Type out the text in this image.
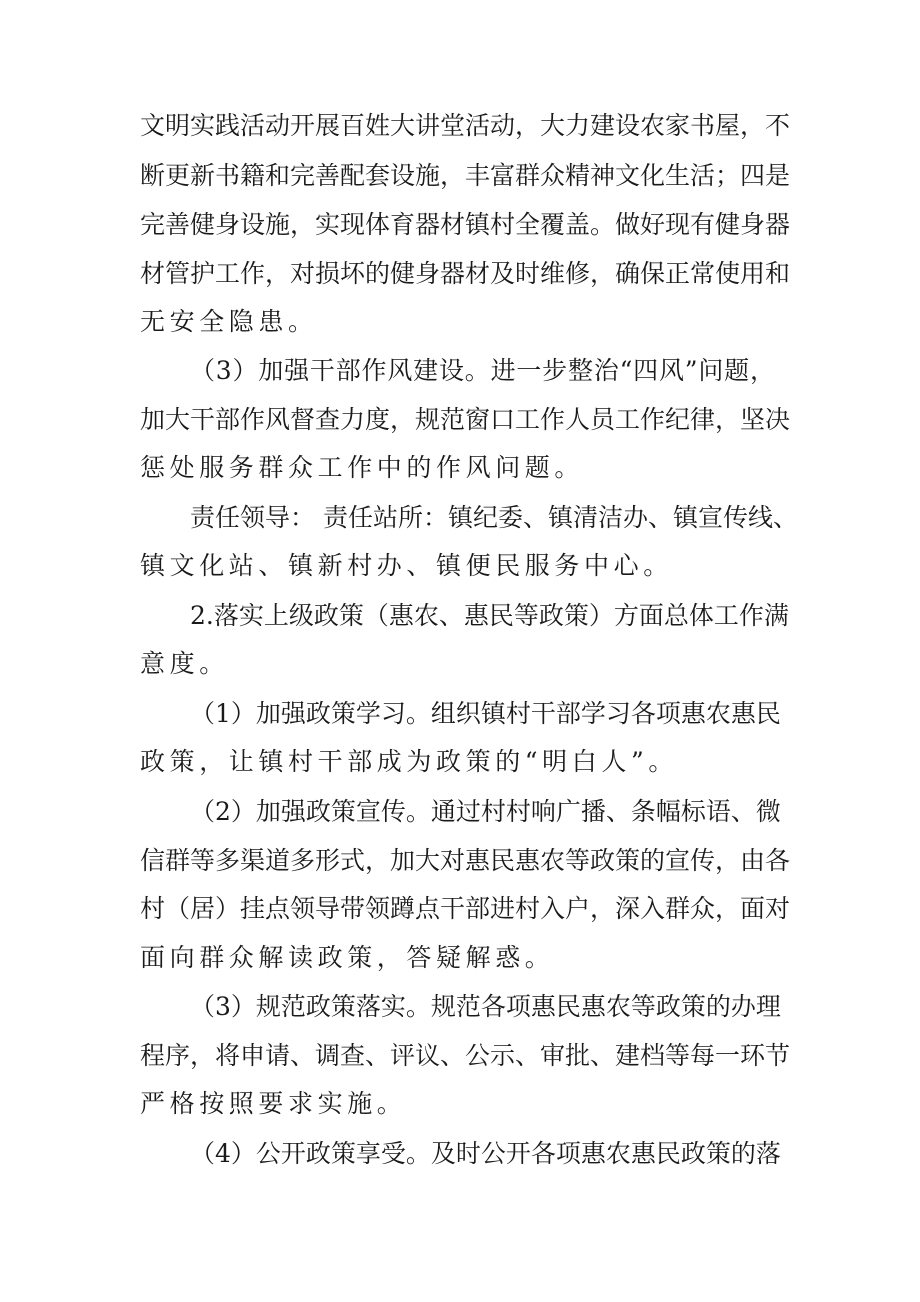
文明实践活动开展百姓大讲堂活动，大力建设农家书屋，不
断更新书籍和完善配套设施，丰富群众精神文化生活；四是
完善健身设施，实现体育器材镇村全覆盖。做好现有健身器
材管护工作，对损坏的健身器材及时维修，确保正常使用和
无安全隐患。
（3）加强干部作风建设。进一步整治“四风”问题，
加大干部作风督查力度，规范窗口工作人员工作纪律，坚决
惩处服务群众工作中的作风问题。
责任领导： 责任站所：镇纪委、镇清洁办、镇宣传线、
镇文化站、镇新村办、镇便民服务中心。
2.落实上级政策（惠农、惠民等政策）方面总体工作满
意度。
（1）加强政策学习。组织镇村干部学习各项惠农惠民
政策，让镇村干部成为政策的“明白人”。
（2）加强政策宣传。通过村村响广播、条幅标语、微
信群等多渠道多形式，加大对惠民惠农等政策的宣传，由各
村（居）挂点领导带领蹲点干部进村入户，深入群众，面对
面向群众解读政策，答疑解惑。
（3）规范政策落实。规范各项惠民惠农等政策的办理
程序，将申请、调查、评议、公示、审批、建档等每一环节
严格按照要求实施。
（4）公开政策享受。及时公开各项惠农惠民政策的落
